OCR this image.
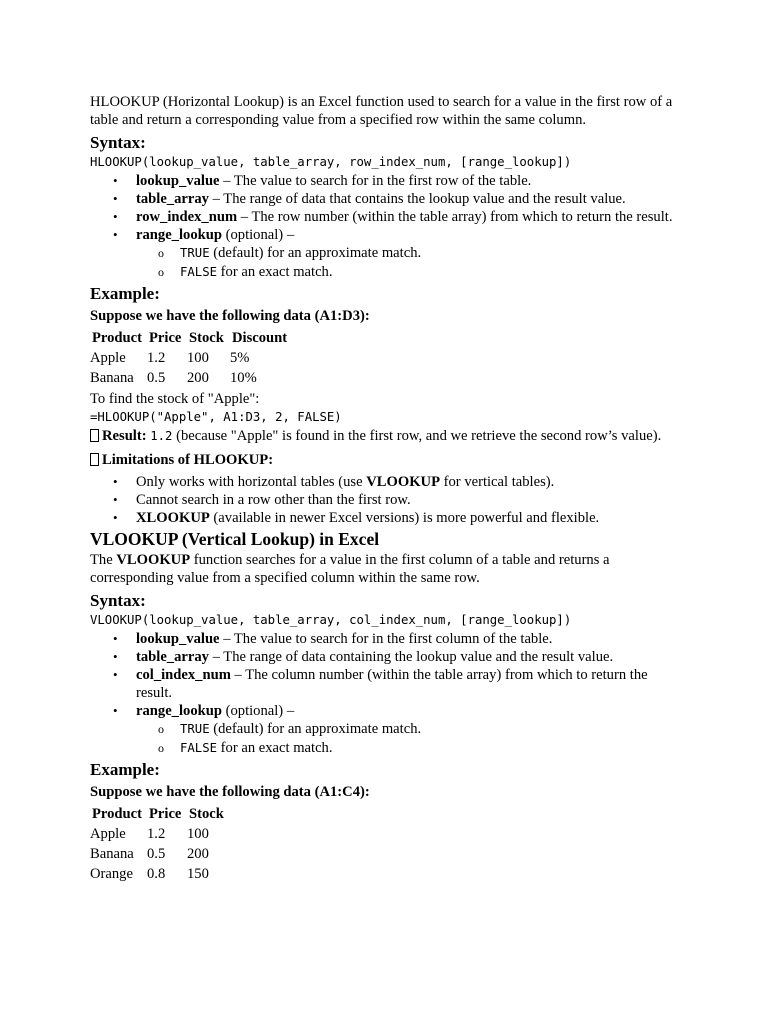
HLOOKUP (Horizontal Lookup) is an Excel function used to search for a value in the first row of a table and return a corresponding value from a specified row within the same column.

Syntax:
HLOOKUP(lookup_value, table_array, row_index_num, [range_lookup])
• lookup_value – The value to search for in the first row of the table.
• table_array – The range of data that contains the lookup value and the result value.
• row_index_num – The row number (within the table array) from which to return the result.
• range_lookup (optional) –
o TRUE (default) for an approximate match.
o FALSE for an exact match.
Example:
Suppose we have the following data (A1:D3):
Product	Price	Stock	Discount
Apple	1.2	100	5%
Banana	0.5	200	10%

To find the stock of "Apple":

=HLOOKUP("Apple", A1:D3, 2, FALSE)

Result: 1.2 (because "Apple" is found in the first row, and we retrieve the second row’s value).

Limitations of HLOOKUP:
• Only works with horizontal tables (use VLOOKUP for vertical tables).
• Cannot search in a row other than the first row.
• XLOOKUP (available in newer Excel versions) is more powerful and flexible.
VLOOKUP (Vertical Lookup) in Excel

The VLOOKUP function searches for a value in the first column of a table and returns a corresponding value from a specified column within the same row.

Syntax:
VLOOKUP(lookup_value, table_array, col_index_num, [range_lookup])
• lookup_value – The value to search for in the first column of the table.
• table_array – The range of data containing the lookup value and the result value.
• col_index_num – The column number (within the table array) from which to return the result.
• range_lookup (optional) –
o TRUE (default) for an approximate match.
o FALSE for an exact match.
Example:
Suppose we have the following data (A1:C4):
Product	Price	Stock
Apple	1.2	100
Banana	0.5	200
Orange	0.8	150
